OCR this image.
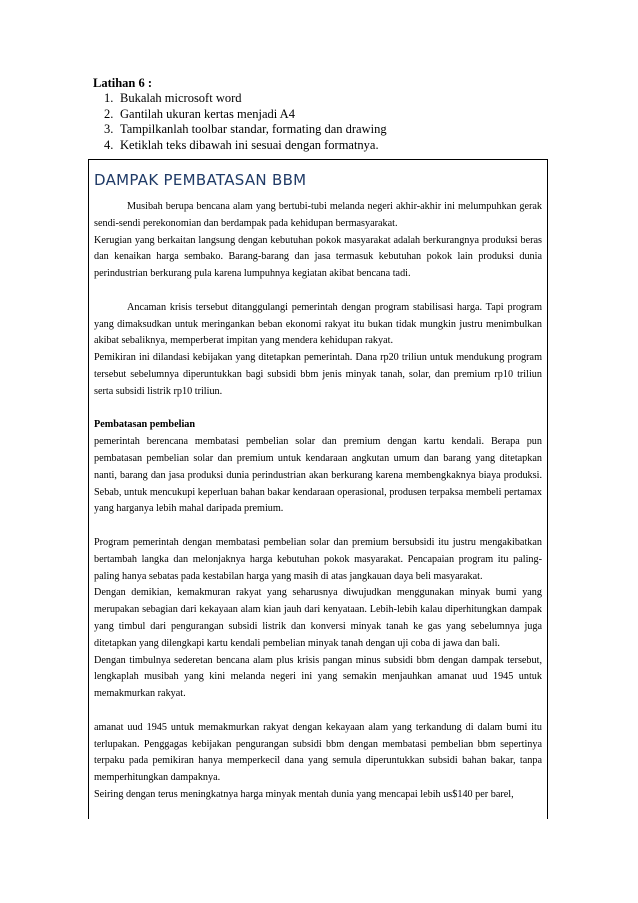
Latihan 6 :
1. Bukalah microsoft word
2. Gantilah ukuran kertas menjadi A4
3. Tampilkanlah toolbar standar, formating dan drawing
4. Ketiklah teks dibawah ini sesuai dengan formatnya.
DAMPAK PEMBATASAN BBM

Musibah berupa bencana alam yang bertubi-tubi melanda negeri akhir-akhir ini melumpuhkan gerak sendi-sendi perekonomian dan berdampak pada kehidupan bermasyarakat.

Kerugian yang berkaitan langsung dengan kebutuhan pokok masyarakat adalah berkurangnya produksi beras dan kenaikan harga sembako. Barang-barang dan jasa termasuk kebutuhan pokok lain produksi dunia perindustrian berkurang pula karena lumpuhnya kegiatan akibat bencana tadi.

Ancaman krisis tersebut ditanggulangi pemerintah dengan program stabilisasi harga. Tapi program yang dimaksudkan untuk meringankan beban ekonomi rakyat itu bukan tidak mungkin justru menimbulkan akibat sebaliknya, memperberat impitan yang mendera kehidupan rakyat.

Pemikiran ini dilandasi kebijakan yang ditetapkan pemerintah. Dana rp20 triliun untuk mendukung program tersebut sebelumnya diperuntukkan bagi subsidi bbm jenis minyak tanah, solar, dan premium rp10 triliun serta subsidi listrik rp10 triliun.

Pembatasan pembelian

pemerintah berencana membatasi pembelian solar dan premium dengan kartu kendali. Berapa pun pembatasan pembelian solar dan premium untuk kendaraan angkutan umum dan barang yang ditetapkan nanti, barang dan jasa produksi dunia perindustrian akan berkurang karena membengkaknya biaya produksi. Sebab, untuk mencukupi keperluan bahan bakar kendaraan operasional, produsen terpaksa membeli pertamax yang harganya lebih mahal daripada premium.

Program pemerintah dengan membatasi pembelian solar dan premium bersubsidi itu justru mengakibatkan bertambah langka dan melonjaknya harga kebutuhan pokok masyarakat. Pencapaian program itu paling-paling hanya sebatas pada kestabilan harga yang masih di atas jangkauan daya beli masyarakat.

Dengan demikian, kemakmuran rakyat yang seharusnya diwujudkan menggunakan minyak bumi yang merupakan sebagian dari kekayaan alam kian jauh dari kenyataan. Lebih-lebih kalau diperhitungkan dampak yang timbul dari pengurangan subsidi listrik dan konversi minyak tanah ke gas yang sebelumnya juga ditetapkan yang dilengkapi kartu kendali pembelian minyak tanah dengan uji coba di jawa dan bali.

Dengan timbulnya sederetan bencana alam plus krisis pangan minus subsidi bbm dengan dampak tersebut, lengkaplah musibah yang kini melanda negeri ini yang semakin menjauhkan amanat uud 1945 untuk memakmurkan rakyat.

amanat uud 1945 untuk memakmurkan rakyat dengan kekayaan alam yang terkandung di dalam bumi itu terlupakan. Penggagas kebijakan pengurangan subsidi bbm dengan membatasi pembelian bbm sepertinya terpaku pada pemikiran hanya memperkecil dana yang semula diperuntukkan subsidi bahan bakar, tanpa memperhitungkan dampaknya.

Seiring dengan terus meningkatnya harga minyak mentah dunia yang mencapai lebih us$140 per barel,
